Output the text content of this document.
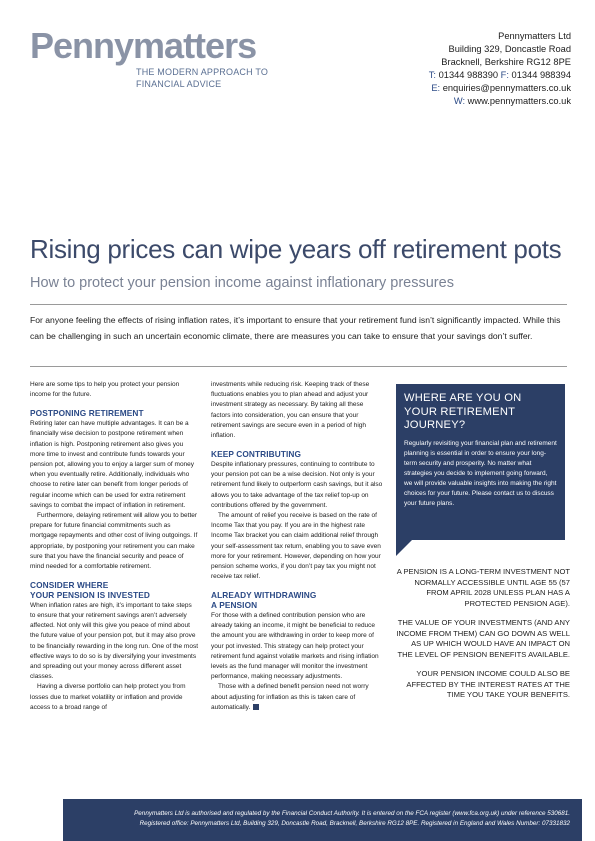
Pennymatters
THE MODERN APPROACH TO
FINANCIAL ADVICE
Pennymatters Ltd
Building 329, Doncastle Road
Bracknell, Berkshire RG12 8PE
T: 01344 988390 F: 01344 988394
E: enquiries@pennymatters.co.uk
W: www.pennymatters.co.uk
Rising prices can wipe years off retirement pots
How to protect your pension income against inflationary pressures
For anyone feeling the effects of rising inflation rates, it’s important to ensure that your retirement fund isn’t significantly impacted. While this can be challenging in such an uncertain economic climate, there are measures you can take to ensure that your savings don’t suffer.

Here are some tips to help you protect your pension income for the future.

POSTPONING RETIREMENT

Retiring later can have multiple advantages. It can be a financially wise decision to postpone retirement when inflation is high. Postponing retirement also gives you more time to invest and contribute funds towards your pension pot, allowing you to enjoy a larger sum of money when you eventually retire. Additionally, individuals who choose to retire later can benefit from longer periods of regular income which can be used for extra retirement savings to combat the impact of inflation in retirement.

Furthermore, delaying retirement will allow you to better prepare for future financial commitments such as mortgage repayments and other cost of living outgoings. If appropriate, by postponing your retirement you can make sure that you have the financial security and peace of mind needed for a comfortable retirement.

CONSIDER WHERE
YOUR PENSION IS INVESTED

When inflation rates are high, it’s important to take steps to ensure that your retirement savings aren’t adversely affected. Not only will this give you peace of mind about the future value of your pension pot, but it may also prove to be financially rewarding in the long run. One of the most effective ways to do so is by diversifying your investments and spreading out your money across different asset classes.

Having a diverse portfolio can help protect you from losses due to market volatility or inflation and provide access to a broad range of

investments while reducing risk. Keeping track of these fluctuations enables you to plan ahead and adjust your investment strategy as necessary. By taking all these factors into consideration, you can ensure that your retirement savings are secure even in a period of high inflation.

KEEP CONTRIBUTING

Despite inflationary pressures, continuing to contribute to your pension pot can be a wise decision. Not only is your retirement fund likely to outperform cash savings, but it also allows you to take advantage of the tax relief top-up on contributions offered by the government.

The amount of relief you receive is based on the rate of Income Tax that you pay. If you are in the highest rate Income Tax bracket you can claim additional relief through your self-assessment tax return, enabling you to save even more for your retirement. However, depending on how your pension scheme works, if you don’t pay tax you might not receive tax relief.

ALREADY WITHDRAWING
A PENSION

For those with a defined contribution pension who are already taking an income, it might be beneficial to reduce the amount you are withdrawing in order to keep more of your pot invested. This strategy can help protect your retirement fund against volatile markets and rising inflation levels as the fund manager will monitor the investment performance, making necessary adjustments.

Those with a defined benefit pension need not worry about adjusting for inflation as this is taken care of automatically.

WHERE ARE YOU ON YOUR RETIREMENT JOURNEY?

Regularly revisiting your financial plan and retirement planning is essential in order to ensure your long-term security and prosperity. No matter what strategies you decide to implement going forward, we will provide valuable insights into making the right choices for your future. Please contact us to discuss your future plans.

A PENSION IS A LONG-TERM INVESTMENT NOT NORMALLY ACCESSIBLE UNTIL AGE 55 (57 FROM APRIL 2028 UNLESS PLAN HAS A PROTECTED PENSION AGE).

THE VALUE OF YOUR INVESTMENTS (AND ANY INCOME FROM THEM) CAN GO DOWN AS WELL AS UP WHICH WOULD HAVE AN IMPACT ON THE LEVEL OF PENSION BENEFITS AVAILABLE.

YOUR PENSION INCOME COULD ALSO BE AFFECTED BY THE INTEREST RATES AT THE TIME YOU TAKE YOUR BENEFITS.

Pennymatters Ltd is authorised and regulated by the Financial Conduct Authority. It is entered on the FCA register (www.fca.org.uk) under reference 530681.
Registered office: Pennymatters Ltd, Building 329, Doncastle Road, Bracknell, Berkshire RG12 8PE. Registered in England and Wales Number: 07331832
